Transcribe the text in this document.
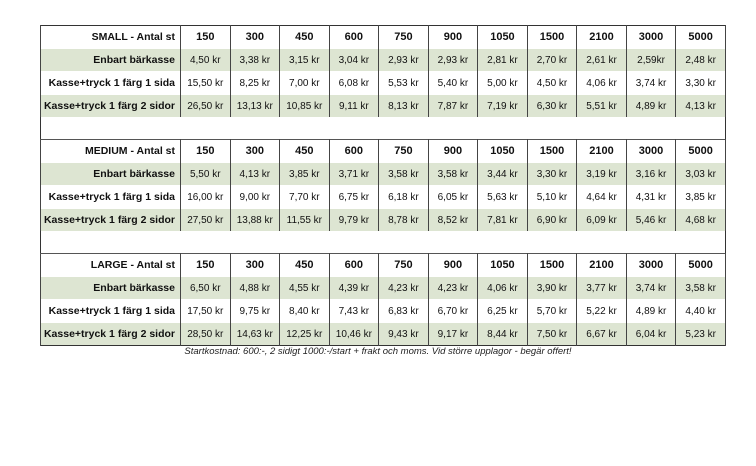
SMALL - Antal st	150	300	450	600	750	900	1050	1500	2100	3000	5000
Enbart bärkasse	4,50 kr	3,38 kr	3,15 kr	3,04 kr	2,93 kr	2,93 kr	2,81 kr	2,70 kr	2,61 kr	2,59kr	2,48 kr
Kasse+tryck 1 färg 1 sida	15,50 kr	8,25 kr	7,00 kr	6,08 kr	5,53 kr	5,40 kr	5,00 kr	4,50 kr	4,06 kr	3,74 kr	3,30 kr
Kasse+tryck 1 färg 2 sidor	26,50 kr	13,13 kr	10,85 kr	9,11 kr	8,13 kr	7,87 kr	7,19 kr	6,30 kr	5,51 kr	4,89 kr	4,13 kr

MEDIUM - Antal st	150	300	450	600	750	900	1050	1500	2100	3000	5000
Enbart bärkasse	5,50 kr	4,13 kr	3,85 kr	3,71 kr	3,58 kr	3,58 kr	3,44 kr	3,30 kr	3,19 kr	3,16 kr	3,03 kr
Kasse+tryck 1 färg 1 sida	16,00 kr	9,00 kr	7,70 kr	6,75 kr	6,18 kr	6,05 kr	5,63 kr	5,10 kr	4,64 kr	4,31 kr	3,85 kr
Kasse+tryck 1 färg 2 sidor	27,50 kr	13,88 kr	11,55 kr	9,79 kr	8,78 kr	8,52 kr	7,81 kr	6,90 kr	6,09 kr	5,46 kr	4,68 kr

LARGE - Antal st	150	300	450	600	750	900	1050	1500	2100	3000	5000
Enbart bärkasse	6,50 kr	4,88 kr	4,55 kr	4,39 kr	4,23 kr	4,23 kr	4,06 kr	3,90 kr	3,77 kr	3,74 kr	3,58 kr
Kasse+tryck 1 färg 1 sida	17,50 kr	9,75 kr	8,40 kr	7,43 kr	6,83 kr	6,70 kr	6,25 kr	5,70 kr	5,22 kr	4,89 kr	4,40 kr
Kasse+tryck 1 färg 2 sidor	28,50 kr	14,63 kr	12,25 kr	10,46 kr	9,43 kr	9,17 kr	8,44 kr	7,50 kr	6,67 kr	6,04 kr	5,23 kr
Startkostnad: 600:-, 2 sidigt 1000:-/start + frakt och moms. Vid större upplagor - begär offert!
